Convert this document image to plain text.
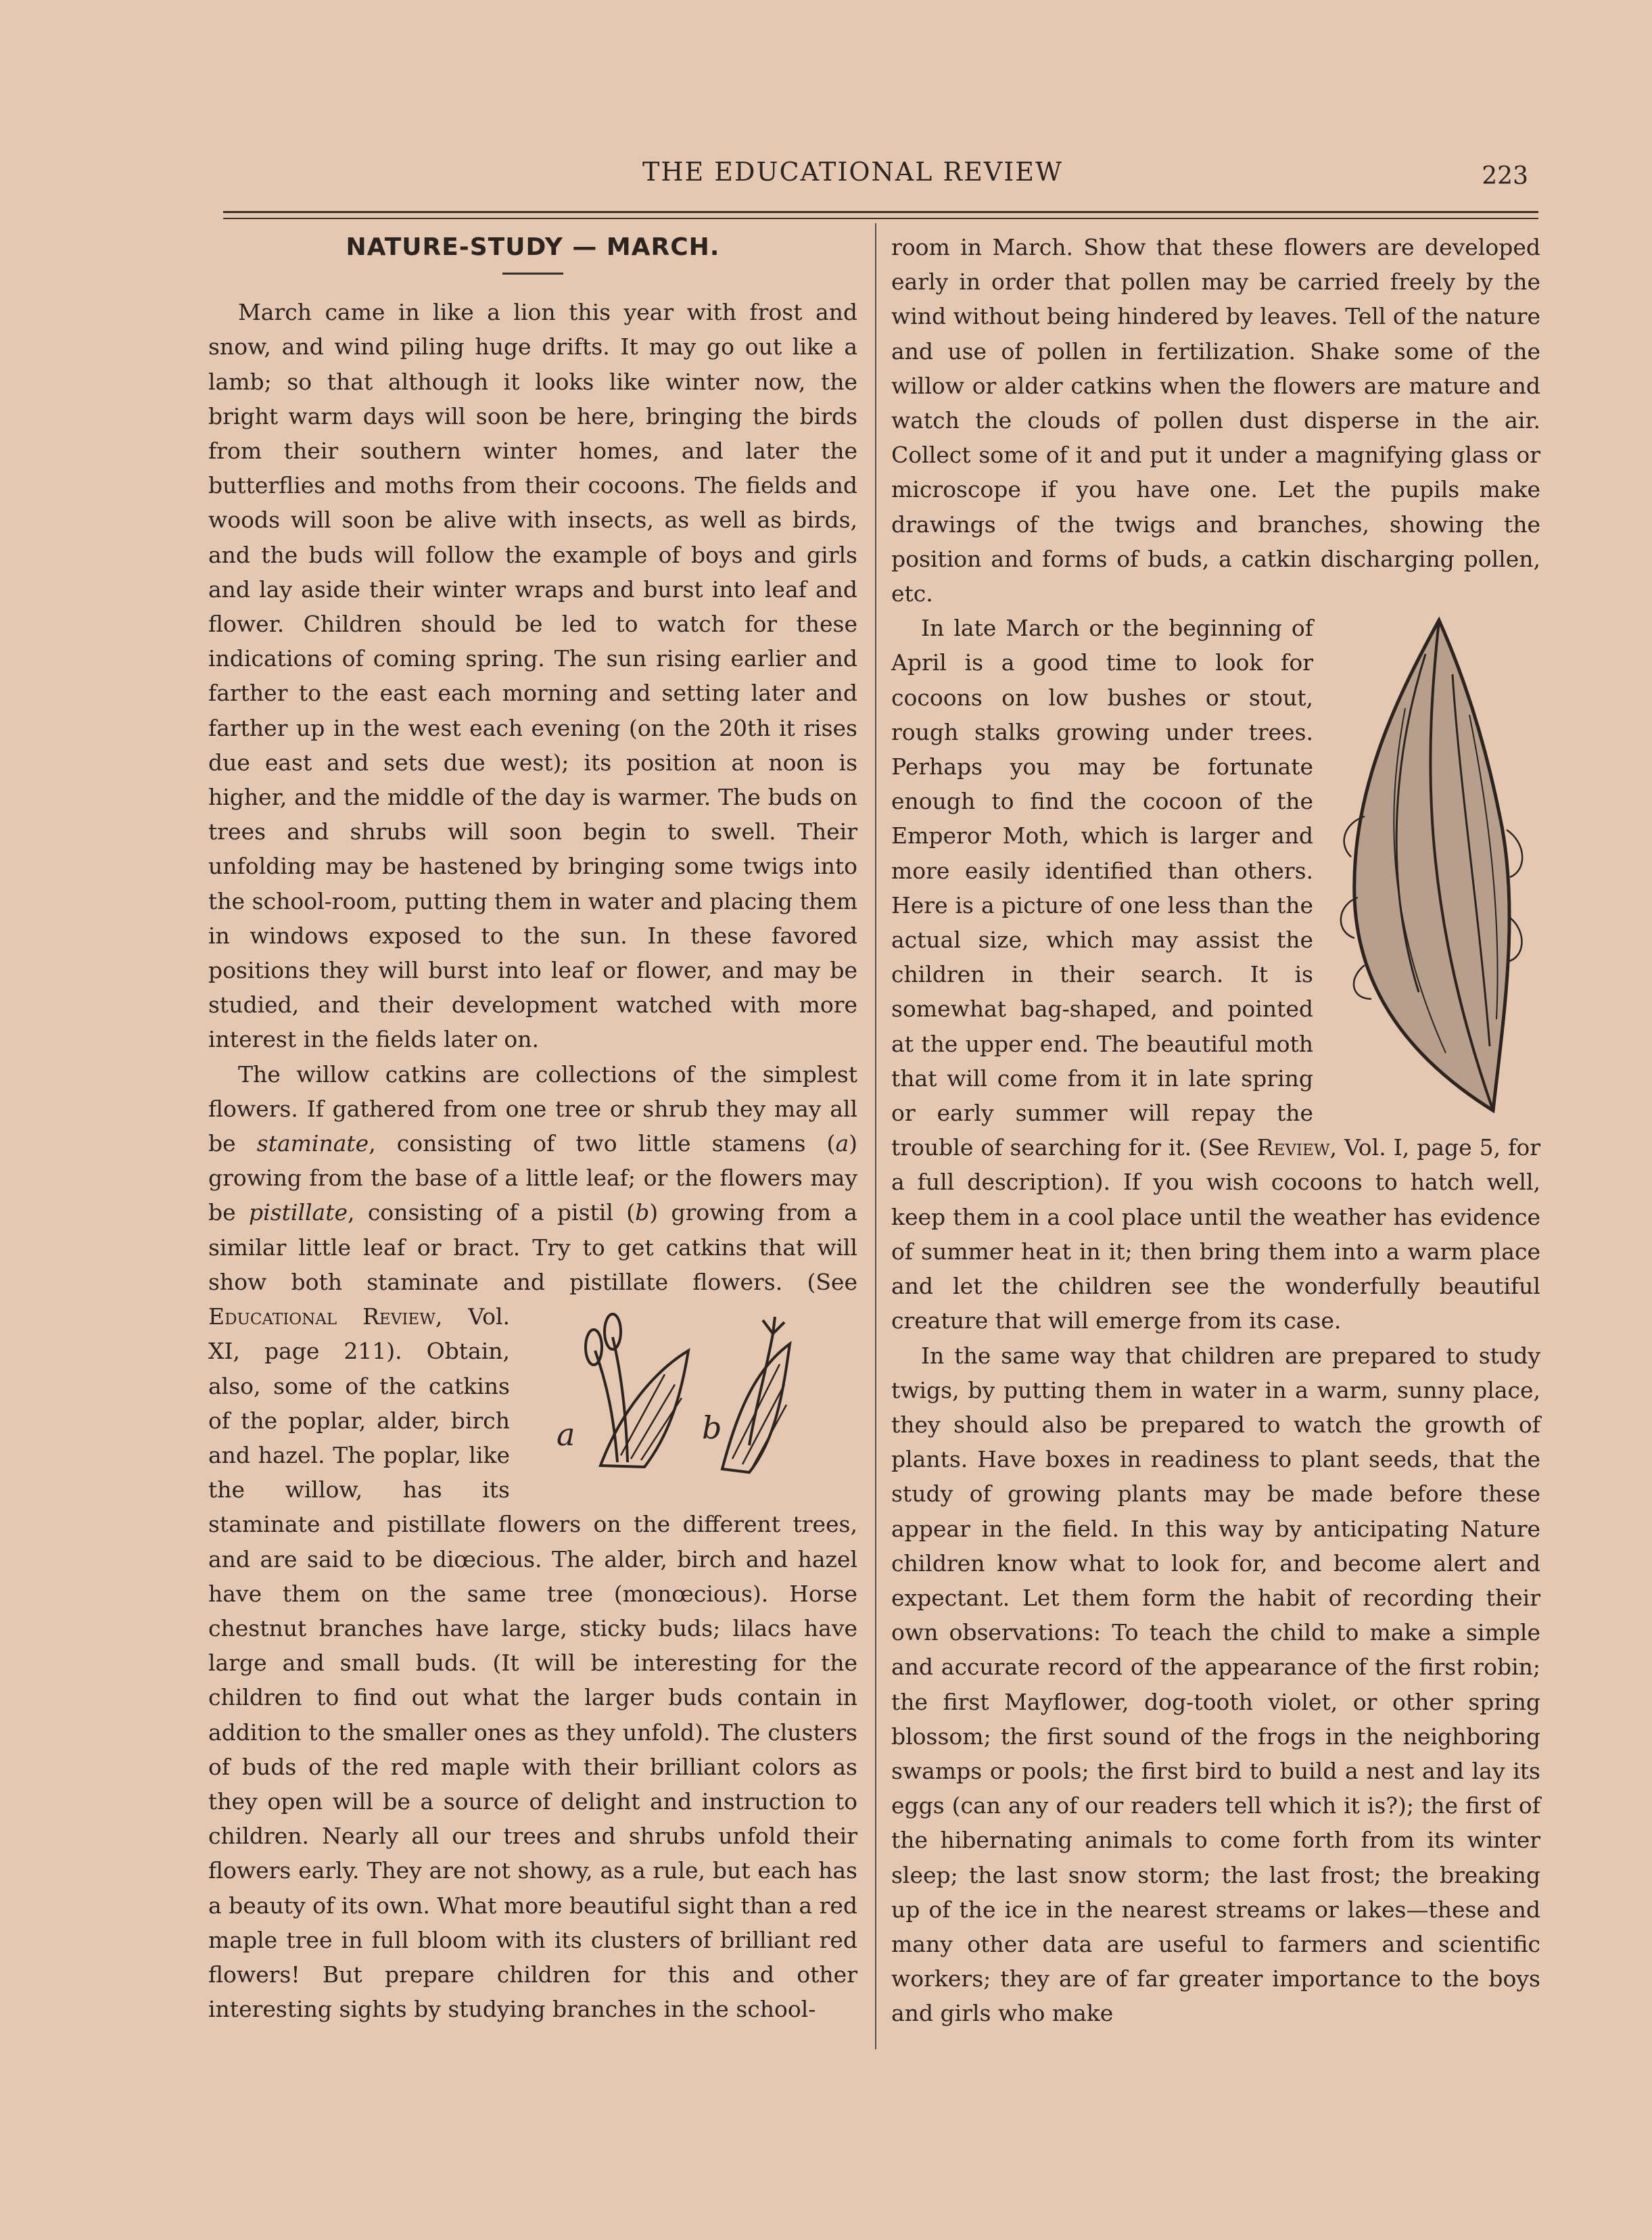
THE EDUCATIONAL REVIEW	223
NATURE-STUDY — MARCH.

March came in like a lion this year with frost and snow, and wind piling huge drifts. It may go out like a lamb; so that although it looks like winter now, the bright warm days will soon be here, bringing the birds from their southern winter homes, and later the butterflies and moths from their cocoons. The fields and woods will soon be alive with insects, as well as birds, and the buds will follow the example of boys and girls and lay aside their winter wraps and burst into leaf and flower. Children should be led to watch for these indications of coming spring. The sun rising earlier and farther to the east each morning and setting later and farther up in the west each evening (on the 20th it rises due east and sets due west); its position at noon is higher, and the middle of the day is warmer. The buds on trees and shrubs will soon begin to swell. Their unfolding may be hastened by bringing some twigs into the school-room, putting them in water and placing them in windows exposed to the sun. In these favored positions they will burst into leaf or flower, and may be studied, and their development watched with more interest in the fields later on.

The willow catkins are collections of the simplest flowers. If gathered from one tree or shrub they may all be staminate, consisting of two little stamens (a) growing from the base of a little leaf; or the flowers may be pistillate, consisting of a pistil (b) growing from a similar little leaf or bract. Try to get catkins that will show both staminate and pistillate flowers. (See
a	b
Educational Review, Vol. XI, page 211). Obtain, also, some of the catkins of the poplar, alder, birch and hazel. The poplar, like the willow, has its staminate and pistillate flowers on the different trees, and are said to be diœcious. The alder, birch and hazel have them on the same tree (monœcious). Horse chestnut branches have large, sticky buds; lilacs have large and small buds. (It will be interesting for the children to find out what the larger buds contain in addition to the smaller ones as they unfold). The clusters of buds of the red maple with their brilliant colors as they open will be a source of delight and instruction to children. Nearly all our trees and shrubs unfold their flowers early. They are not showy, as a rule, but each has a beauty of its own. What more beautiful sight than a red maple tree in full bloom with its clusters of brilliant red flowers! But prepare children for this and other interesting sights by studying branches in the school-

room in March. Show that these flowers are developed early in order that pollen may be carried freely by the wind without being hindered by leaves. Tell of the nature and use of pollen in fertilization. Shake some of the willow or alder catkins when the flowers are mature and watch the clouds of pollen dust disperse in the air. Collect some of it and put it under a magnifying glass or microscope if you have one. Let the pupils make drawings of the twigs and branches, showing the position and forms of buds, a catkin discharging pollen, etc.

In late March or the beginning of April is a good time to look for cocoons on low bushes or stout, rough stalks growing under trees. Perhaps you may be fortunate enough to find the cocoon of the Emperor Moth, which is larger and more easily identified than others. Here is a picture of one less than the actual size, which may assist the children in their search. It is somewhat bag-shaped, and pointed at the upper end. The beautiful moth that will come from it in late spring or early summer will repay the trouble of searching for it. (See Review, Vol. I, page 5, for a full description). If you wish cocoons to hatch well, keep them in a cool place until the weather has evidence of summer heat in it; then bring them into a warm place and let the children see the wonderfully beautiful creature that will emerge from its case.

In the same way that children are prepared to study twigs, by putting them in water in a warm, sunny place, they should also be prepared to watch the growth of plants. Have boxes in readiness to plant seeds, that the study of growing plants may be made before these appear in the field. In this way by anticipating Nature children know what to look for, and become alert and expectant. Let them form the habit of recording their own observations: To teach the child to make a simple and accurate record of the appearance of the first robin; the first Mayflower, dog-tooth violet, or other spring blossom; the first sound of the frogs in the neighboring swamps or pools; the first bird to build a nest and lay its eggs (can any of our readers tell which it is?); the first of the hibernating animals to come forth from its winter sleep; the last snow storm; the last frost; the breaking up of the ice in the nearest streams or lakes—these and many other data are useful to farmers and scientific workers; they are of far greater importance to the boys and girls who make
